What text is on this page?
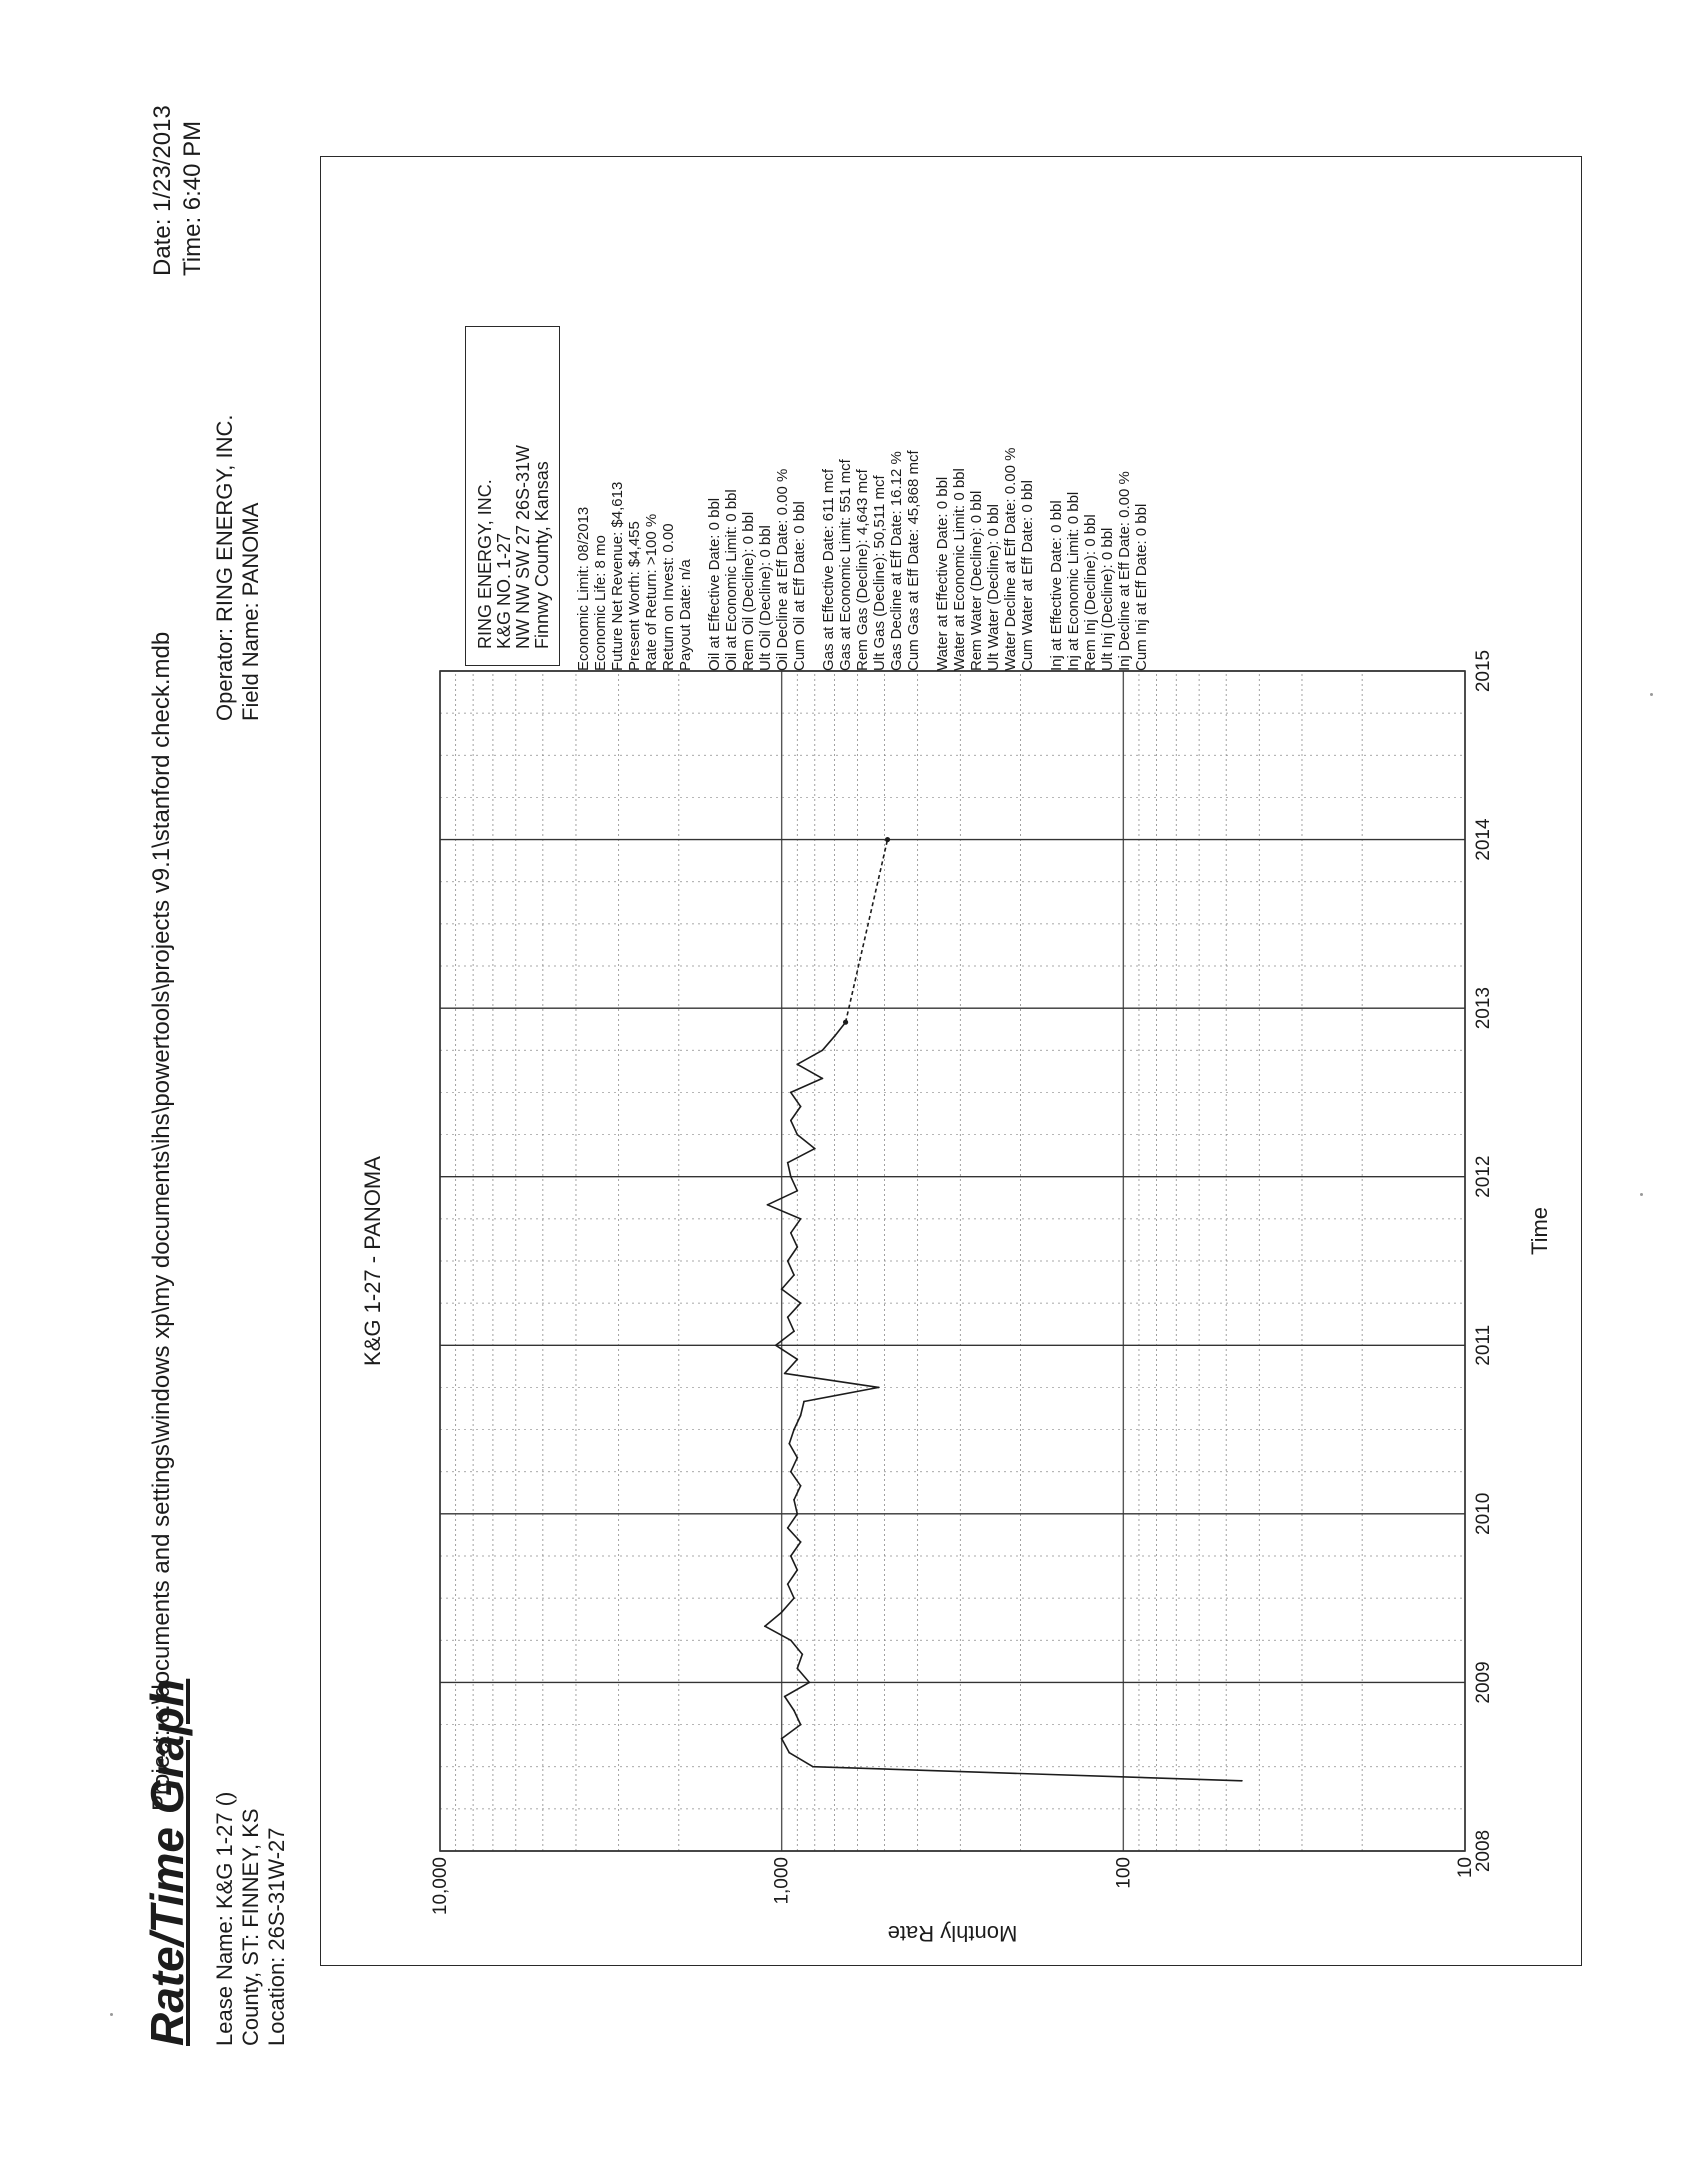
Rate/Time Graph
Project: c:\documents and settings\windows xp\my documents\ihs\powertools\projects v9.1\stanford check.mdb
Lease Name: K&G 1-27 () County, ST: FINNEY, KS Location: 26S-31W-27
Operator: RING ENERGY, INC. Field Name: PANOMA
Date: 1/23/2013 Time: 6:40 PM
10
100
1,000
10,000
2008
2009
2010
2011
2012
2013
2014
2015
K&G 1-27 - PANOMA	Time
Monthly Rate
RING ENERGY, INC. K&G NO. 1-27 NW NW SW 27 26S-31W Finnwy County, Kansas Economic Limit: 08/2013 Economic Life: 8 mo Future Net Revenue: $4,613 Present Worth: $4,455 Rate of Return: >100 % Return on Invest: 0.00 Payout Date: n/a Oil at Effective Date: 0 bbl Oil at Economic Limit: 0 bbl Rem Oil (Decline): 0 bbl Ult Oil (Decline): 0 bbl Oil Decline at Eff Date: 0.00 % Cum Oil at Eff Date: 0 bbl Gas at Effective Date: 611 mcf Gas at Economic Limit: 551 mcf Rem Gas (Decline): 4,643 mcf Ult Gas (Decline): 50,511 mcf Gas Decline at Eff Date: 16.12 % Cum Gas at Eff Date: 45,868 mcf Water at Effective Date: 0 bbl Water at Economic Limit: 0 bbl Rem Water (Decline): 0 bbl Ult Water (Decline): 0 bbl Water Decline at Eff Date: 0.00 % Cum Water at Eff Date: 0 bbl Inj at Effective Date: 0 bbl Inj at Economic Limit: 0 bbl Rem Inj (Decline): 0 bbl Ult Inj (Decline): 0 bbl Inj Decline at Eff Date: 0.00 % Cum Inj at Eff Date: 0 bbl
